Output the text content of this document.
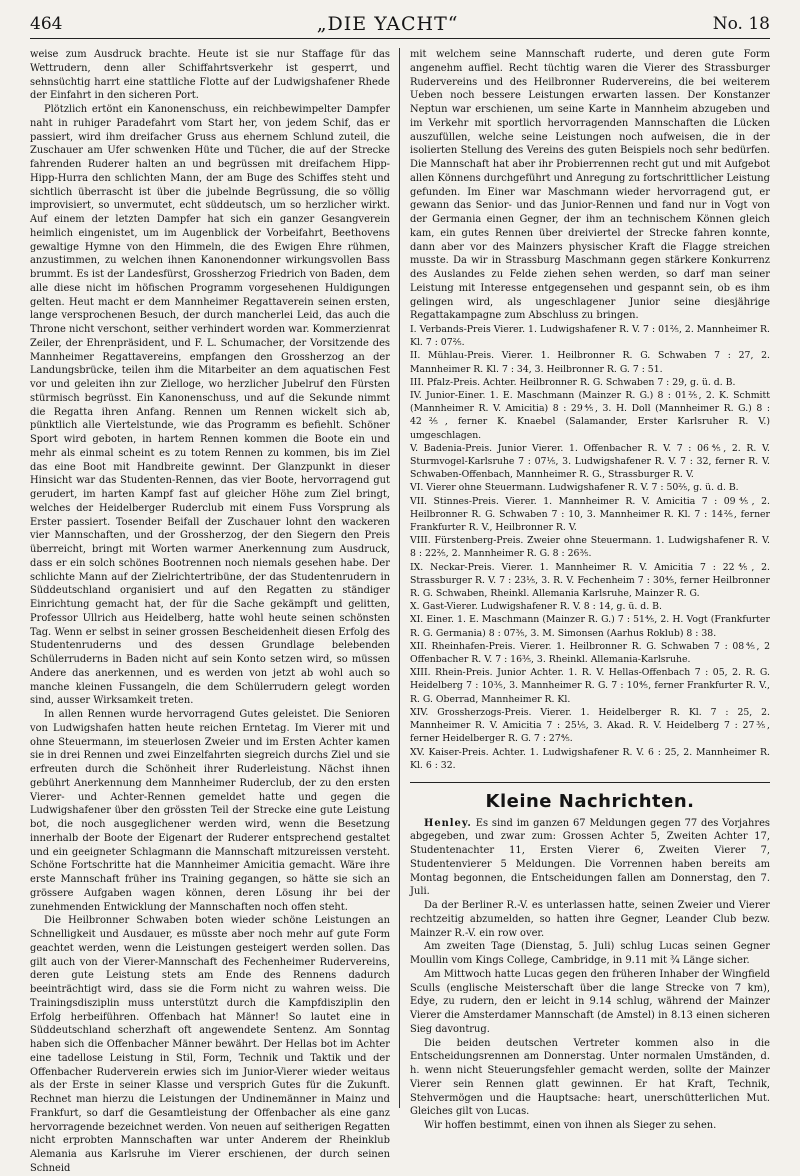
464	„DIE YACHT“	No. 18

weise zum Ausdruck brachte. Heute ist sie nur Staffage für das Wettrudern, denn aller Schiffahrtsverkehr ist gesperrt, und sehnsüchtig harrt eine stattliche Flotte auf der Ludwigshafener Rhede der Einfahrt in den sicheren Port.

Plötzlich ertönt ein Kanonenschuss, ein reichbewimpelter Dampfer naht in ruhiger Paradefahrt vom Start her, von jedem Schif, das er passiert, wird ihm dreifacher Gruss aus ehernem Schlund zuteil, die Zuschauer am Ufer schwenken Hüte und Tücher, die auf der Strecke fahrenden Ruderer halten an und begrüssen mit dreifachem Hipp-Hipp-Hurra den schlichten Mann, der am Buge des Schiffes steht und sichtlich überrascht ist über die jubelnde Begrüssung, die so völlig improvisiert, so unvermutet, echt süddeutsch, um so herzlicher wirkt. Auf einem der letzten Dampfer hat sich ein ganzer Gesangverein heimlich eingenistet, um im Augenblick der Vorbeifahrt, Beethovens gewaltige Hymne von den Himmeln, die des Ewigen Ehre rühmen, anzustimmen, zu welchen ihnen Kanonendonner wirkungsvollen Bass brummt. Es ist der Landesfürst, Grossherzog Friedrich von Baden, dem alle diese nicht im höfischen Programm vorgesehenen Huldigungen gelten. Heut macht er dem Mannheimer Regattaverein seinen ersten, lange versprochenen Besuch, der durch mancherlei Leid, das auch die Throne nicht verschont, seither verhindert worden war. Kommerzienrat Zeiler, der Ehrenpräsident, und F. L. Schumacher, der Vorsitzende des Mannheimer Regattavereins, empfangen den Grossherzog an der Landungsbrücke, teilen ihm die Mitarbeiter an dem aquatischen Fest vor und geleiten ihn zur Zielloge, wo herzlicher Jubelruf den Fürsten stürmisch begrüsst. Ein Kanonenschuss, und auf die Sekunde nimmt die Regatta ihren Anfang. Rennen um Rennen wickelt sich ab, pünktlich alle Viertelstunde, wie das Programm es befiehlt. Schöner Sport wird geboten, in hartem Rennen kommen die Boote ein und mehr als einmal scheint es zu totem Rennen zu kommen, bis im Ziel das eine Boot mit Handbreite gewinnt. Der Glanzpunkt in dieser Hinsicht war das Studenten-Rennen, das vier Boote, hervorragend gut gerudert, im harten Kampf fast auf gleicher Höhe zum Ziel bringt, welches der Heidelberger Ruderclub mit einem Fuss Vorsprung als Erster passiert. Tosender Beifall der Zuschauer lohnt den wackeren vier Mannschaften, und der Grossherzog, der den Siegern den Preis überreicht, bringt mit Worten warmer Anerkennung zum Ausdruck, dass er ein solch schönes Bootrennen noch niemals gesehen habe. Der schlichte Mann auf der Zielrichtertribüne, der das Studentenrudern in Süddeutschland organisiert und auf den Regatten zu ständiger Einrichtung gemacht hat, der für die Sache gekämpft und gelitten, Professor Ullrich aus Heidelberg, hatte wohl heute seinen schönsten Tag. Wenn er selbst in seiner grossen Bescheidenheit diesen Erfolg des Studentenruderns und des dessen Grundlage belebenden Schülerruderns in Baden nicht auf sein Konto setzen wird, so müssen Andere das anerkennen, und es werden von jetzt ab wohl auch so manche kleinen Fussangeln, die dem Schülerrudern gelegt worden sind, ausser Wirksamkeit treten.

In allen Rennen wurde hervorragend Gutes geleistet. Die Senioren von Ludwigshafen hatten heute reichen Erntetag. Im Vierer mit und ohne Steuermann, im steuerlosen Zweier und im Ersten Achter kamen sie in drei Rennen und zwei Einzelfahrten siegreich durchs Ziel und sie erfreuten durch die Schönheit ihrer Ruderleistung. Nächst ihnen gebührt Anerkennung dem Mannheimer Ruderclub, der zu den ersten Vierer- und Achter-Rennen gemeldet hatte und gegen die Ludwigshafener über den grössten Teil der Strecke eine gute Leistung bot, die noch ausgeglichener werden wird, wenn die Besetzung innerhalb der Boote der Eigenart der Ruderer entsprechend gestaltet und ein geeigneter Schlagmann die Mannschaft mitzureissen versteht. Schöne Fortschritte hat die Mannheimer Amicitia gemacht. Wäre ihre erste Mannschaft früher ins Training gegangen, so hätte sie sich an grössere Aufgaben wagen können, deren Lösung ihr bei der zunehmenden Entwicklung der Mannschaften noch offen steht.

Die Heilbronner Schwaben boten wieder schöne Leistungen an Schnelligkeit und Ausdauer, es müsste aber noch mehr auf gute Form geachtet werden, wenn die Leistungen gesteigert werden sollen. Das gilt auch von der Vierer-Mannschaft des Fechenheimer Rudervereins, deren gute Leistung stets am Ende des Rennens dadurch beeinträchtigt wird, dass sie die Form nicht zu wahren weiss. Die Trainingsdisziplin muss unterstützt durch die Kampfdisziplin den Erfolg herbeiführen. Offenbach hat Männer! So lautet eine in Süddeutschland scherzhaft oft angewendete Sentenz. Am Sonntag haben sich die Offenbacher Männer bewährt. Der Hellas bot im Achter eine tadellose Leistung in Stil, Form, Technik und Taktik und der Offenbacher Ruderverein erwies sich im Junior-Vierer wieder weitaus als der Erste in seiner Klasse und versprich Gutes für die Zukunft. Rechnet man hierzu die Leistungen der Undinemänner in Mainz und Frankfurt, so darf die Gesamtleistung der Offenbacher als eine ganz hervorragende bezeichnet werden. Von neuen auf seitherigen Regatten nicht erprobten Mannschaften war unter Anderem der Rheinklub Alemania aus Karlsruhe im Vierer erschienen, der durch seinen Schneid

mit welchem seine Mannschaft ruderte, und deren gute Form angenehm auffiel. Recht tüchtig waren die Vierer des Strassburger Rudervereins und des Heilbronner Rudervereins, die bei weiterem Ueben noch bessere Leistungen erwarten lassen. Der Konstanzer Neptun war erschienen, um seine Karte in Mannheim abzugeben und im Verkehr mit sportlich hervorragenden Mannschaften die Lücken auszufüllen, welche seine Leistungen noch aufweisen, die in der isolierten Stellung des Vereins des guten Beispiels noch sehr bedürfen. Die Mannschaft hat aber ihr Probierrennen recht gut und mit Aufgebot allen Könnens durchgeführt und Anregung zu fortschrittlicher Leistung gefunden. Im Einer war Maschmann wieder hervorragend gut, er gewann das Senior- und das Junior-Rennen und fand nur in Vogt von der Germania einen Gegner, der ihm an technischem Können gleich kam, ein gutes Rennen über dreiviertel der Strecke fahren konnte, dann aber vor des Mainzers physischer Kraft die Flagge streichen musste. Da wir in Strassburg Maschmann gegen stärkere Konkurrenz des Auslandes zu Felde ziehen sehen werden, so darf man seiner Leistung mit Interesse entgegensehen und gespannt sein, ob es ihm gelingen wird, als ungeschlagener Junior seine diesjährige Regattakampagne zum Abschluss zu bringen.

I. Verbands-Preis Vierer. 1. Ludwigshafener R. V. 7 : 01⅖, 2. Mannheimer R. Kl. 7 : 07⅖.

II. Mühlau-Preis. Vierer. 1. Heilbronner R. G. Schwaben 7 : 27, 2. Mannheimer R. Kl. 7 : 34, 3. Heilbronner R. G. 7 : 51.

III. Pfalz-Preis. Achter. Heilbronner R. G. Schwaben 7 : 29, g. ü. d. B.

IV. Junior-Einer. 1. E. Maschmann (Mainzer R. G.) 8 : 01⅖, 2. K. Schmitt (Mannheimer R. V. Amicitia) 8 : 29⅘, 3. H. Doll (Mannheimer R. G.) 8 : 42⅖, ferner K. Knaebel (Salamander, Erster Karlsruher R. V.) umgeschlagen.

V. Badenia-Preis. Junior Vierer. 1. Offenbacher R. V. 7 : 06⅘, 2. R. V. Sturmvogel-Karlsruhe 7 : 07⅕, 3. Ludwigshafener R. V. 7 : 32, ferner R. V. Schwaben-Offenbach, Mannheimer R. G., Strassburger R. V.

VI. Vierer ohne Steuermann. Ludwigshafener R. V. 7 : 50⅖, g. ü. d. B.

VII. Stinnes-Preis. Vierer. 1. Mannheimer R. V. Amicitia 7 : 09⅘, 2. Heilbronner R. G. Schwaben 7 : 10, 3. Mannheimer R. Kl. 7 : 14⅖, ferner Frankfurter R. V., Heilbronner R. V.

VIII. Fürstenberg-Preis. Zweier ohne Steuermann. 1. Ludwigshafener R. V. 8 : 22⅖, 2. Mannheimer R. G. 8 : 26⅗.

IX. Neckar-Preis. Vierer. 1. Mannheimer R. V. Amicitia 7 : 22⅘, 2. Strassburger R. V. 7 : 23⅕, 3. R. V. Fechenheim 7 : 30⅘, ferner Heilbronner R. G. Schwaben, Rheinkl. Allemania Karlsruhe, Mainzer R. G.

X. Gast-Vierer. Ludwigshafener R. V. 8 : 14, g. ü. d. B.

XI. Einer. 1. E. Maschmann (Mainzer R. G.) 7 : 51⅘, 2. H. Vogt (Frankfurter R. G. Germania) 8 : 07⅗, 3. M. Simonsen (Aarhus Roklub) 8 : 38.

XII. Rheinhafen-Preis. Vierer. 1. Heilbronner R. G. Schwaben 7 : 08⅘, 2 Offenbacher R. V. 7 : 16⅗, 3. Rheinkl. Allemania-Karlsruhe.

XIII. Rhein-Preis. Junior Achter. 1. R. V. Hellas-Offenbach 7 : 05, 2. R. G. Heidelberg 7 : 10⅗, 3. Mannheimer R. G. 7 : 10⅘, ferner Frankfurter R. V., R. G. Oberrad, Mannheimer R. Kl.

XIV. Grossherzogs-Preis. Vierer. 1. Heidelberger R. Kl. 7 : 25, 2. Mannheimer R. V. Amicitia 7 : 25⅕, 3. Akad. R. V. Heidelberg 7 : 27⅗, ferner Heidelberger R. G. 7 : 27⅘.

XV. Kaiser-Preis. Achter. 1. Ludwigshafener R. V. 6 : 25, 2. Mannheimer R. Kl. 6 : 32.

Kleine Nachrichten.

Henley. Es sind im ganzen 67 Meldungen gegen 77 des Vorjahres abgegeben, und zwar zum: Grossen Achter 5, Zweiten Achter 17, Studentenachter 11, Ersten Vierer 6, Zweiten Vierer 7, Studentenvierer 5 Meldungen. Die Vorrennen haben bereits am Montag begonnen, die Entscheidungen fallen am Donnerstag, den 7. Juli.

Da der Berliner R.-V. es unterlassen hatte, seinen Zweier und Vierer rechtzeitig abzumelden, so hatten ihre Gegner, Leander Club bezw. Mainzer R.-V. ein row over.

Am zweiten Tage (Dienstag, 5. Juli) schlug Lucas seinen Gegner Moullin vom Kings College, Cambridge, in 9.11 mit ¾ Länge sicher.

Am Mittwoch hatte Lucas gegen den früheren Inhaber der Wingfield Sculls (englische Meisterschaft über die lange Strecke von 7 km), Edye, zu rudern, den er leicht in 9.14 schlug, während der Mainzer Vierer die Amsterdamer Mannschaft (de Amstel) in 8.13 einen sicheren Sieg davontrug.

Die beiden deutschen Vertreter kommen also in die Entscheidungsrennen am Donnerstag. Unter normalen Umständen, d. h. wenn nicht Steuerungsfehler gemacht werden, sollte der Mainzer Vierer sein Rennen glatt gewinnen. Er hat Kraft, Technik, Stehvermögen und die Hauptsache: heart, unerschütterlichen Mut. Gleiches gilt von Lucas.

Wir hoffen bestimmt, einen von ihnen als Sieger zu sehen.
